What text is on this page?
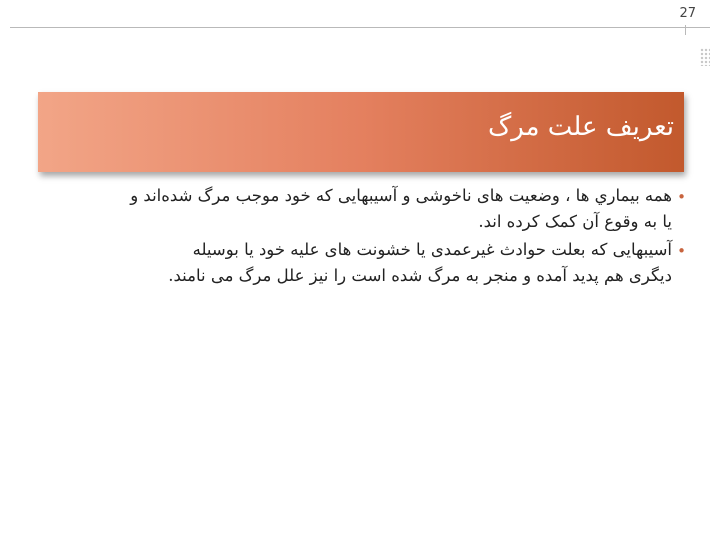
27
تعریف علت مرگ
•
همه بيماري ها ، وضعيت های ناخوشی و آسيبهايی كه خود موجب مرگ شده‌اند و
يا به وقوع آن كمک كرده اند.
•
آسیبهایی که بعلت حوادث غیرعمدی یا خشونت های علیه خود یا بوسیله
دیگری هم پدید آمده و منجر به مرگ شده است را نیز علل مرگ می نامند.
